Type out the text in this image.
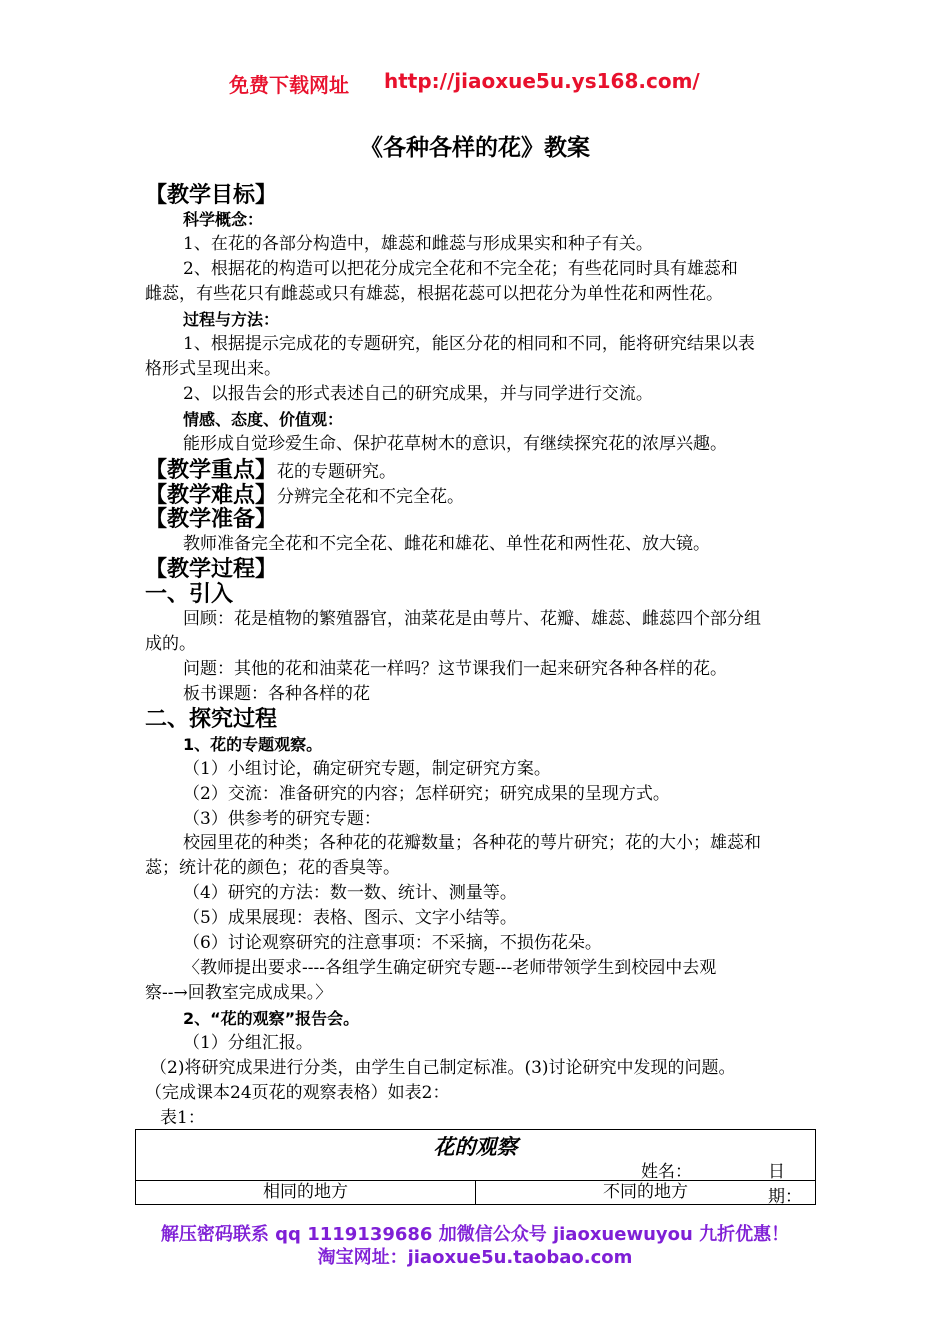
免费下载网址 http://jiaoxue5u.ys168.com/
《各种各样的花》教案
【教学目标】
科学概念：
1、在花的各部分构造中，雄蕊和雌蕊与形成果实和种子有关。
2、根据花的构造可以把花分成完全花和不完全花；有些花同时具有雄蕊和
雌蕊，有些花只有雌蕊或只有雄蕊，根据花蕊可以把花分为单性花和两性花。
过程与方法：
1、根据提示完成花的专题研究，能区分花的相同和不同，能将研究结果以表
格形式呈现出来。
2、以报告会的形式表述自己的研究成果，并与同学进行交流。
情感、态度、价值观：
能形成自觉珍爱生命、保护花草树木的意识，有继续探究花的浓厚兴趣。
【教学重点】花的专题研究。
【教学难点】分辨完全花和不完全花。
【教学准备】
教师准备完全花和不完全花、雌花和雄花、单性花和两性花、放大镜。
【教学过程】
一、引入
回顾：花是植物的繁殖器官，油菜花是由萼片、花瓣、雄蕊、雌蕊四个部分组
成的。
问题：其他的花和油菜花一样吗？这节课我们一起来研究各种各样的花。
板书课题：各种各样的花
二、探究过程
1、花的专题观察。
（1）小组讨论，确定研究专题，制定研究方案。
（2）交流：准备研究的内容；怎样研究；研究成果的呈现方式。
（3）供参考的研究专题：
校园里花的种类；各种花的花瓣数量；各种花的萼片研究；花的大小；雄蕊和
蕊；统计花的颜色；花的香臭等。
（4）研究的方法：数一数、统计、测量等。
（5）成果展现：表格、图示、文字小结等。
（6）讨论观察研究的注意事项：不采摘，不损伤花朵。
〈教师提出要求----各组学生确定研究专题---老师带领学生到校园中去观
察--→回教室完成成果。〉
2、“花的观察”报告会。
（1）分组汇报。
（2)将研究成果进行分类，由学生自己制定标准。(3)讨论研究中发现的问题。
（完成课本24页花的观察表格）如表2：
表1：
花的观察
姓名：	日期：

相同的地方	不同的地方
解压密码联系 qq 1119139686 加微信公众号 jiaoxuewuyou 九折优惠！
淘宝网址：jiaoxue5u.taobao.com
